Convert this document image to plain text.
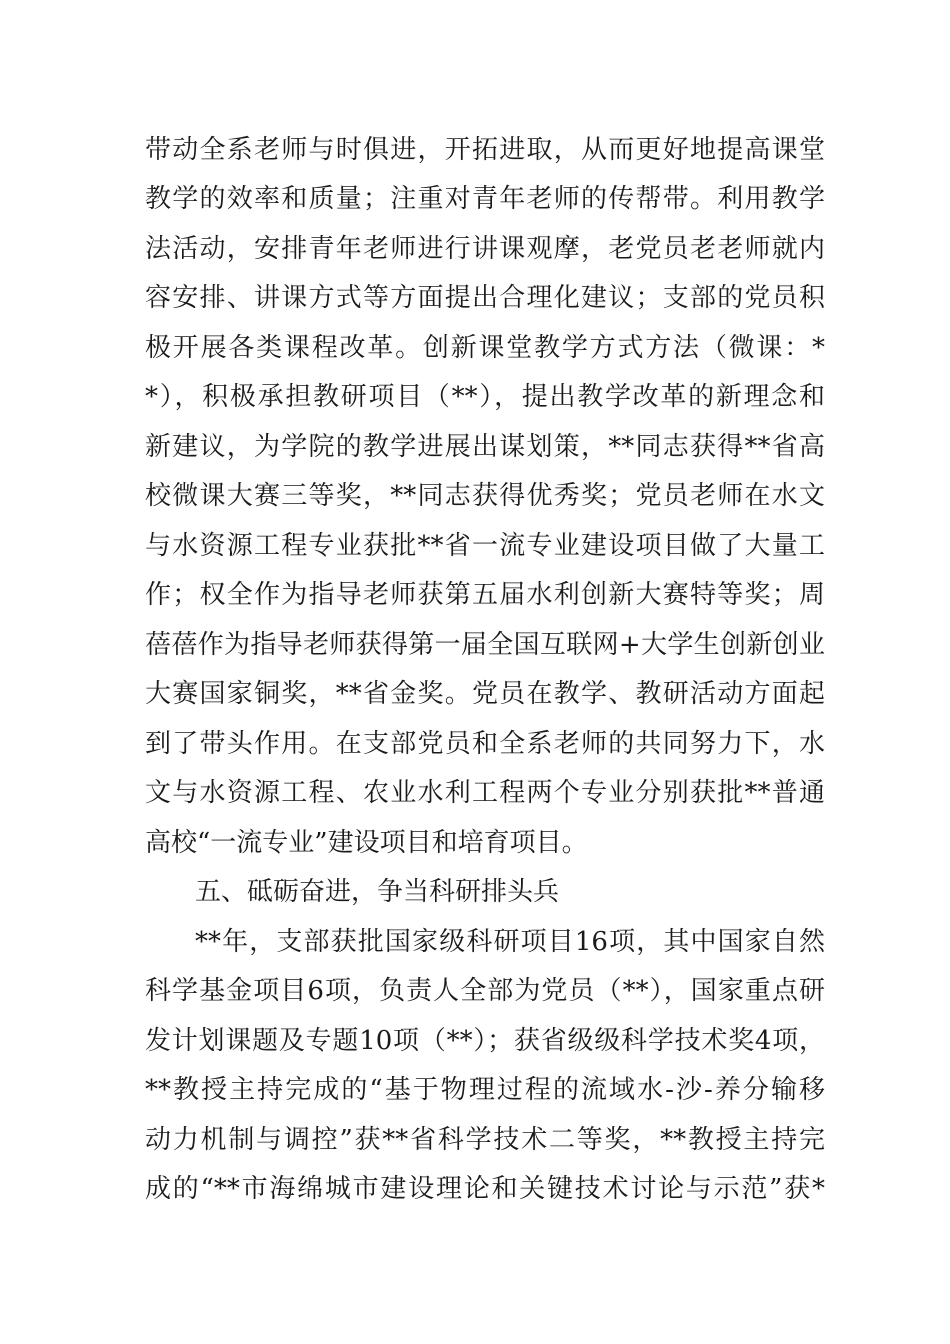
带动全系老师与时俱进，开拓进取，从而更好地提高课堂
教学的效率和质量；注重对青年老师的传帮带。利用教学
法活动，安排青年老师进行讲课观摩，老党员老老师就内
容安排、讲课方式等方面提出合理化建议；支部的党员积
极开展各类课程改革。创新课堂教学方式方法（微课：*
*），积极承担教研项目（**），提出教学改革的新理念和
新建议，为学院的教学进展出谋划策，**同志获得**省高
校微课大赛三等奖，**同志获得优秀奖；党员老师在水文
与水资源工程专业获批**省一流专业建设项目做了大量工
作；权全作为指导老师获第五届水利创新大赛特等奖；周
蓓蓓作为指导老师获得第一届全国互联网+大学生创新创业
大赛国家铜奖，**省金奖。党员在教学、教研活动方面起
到了带头作用。在支部党员和全系老师的共同努力下，水
文与水资源工程、农业水利工程两个专业分别获批**普通
高校“一流专业”建设项目和培育项目。
五、砥砺奋进，争当科研排头兵
**年，支部获批国家级科研项目16项，其中国家自然
科学基金项目6项，负责人全部为党员（**），国家重点研
发计划课题及专题10项（**）；获省级级科学技术奖4项，
**教授主持完成的“基于物理过程的流域水-沙-养分输移
动力机制与调控”获**省科学技术二等奖，**教授主持完
成的“**市海绵城市建设理论和关键技术讨论与示范”获*
